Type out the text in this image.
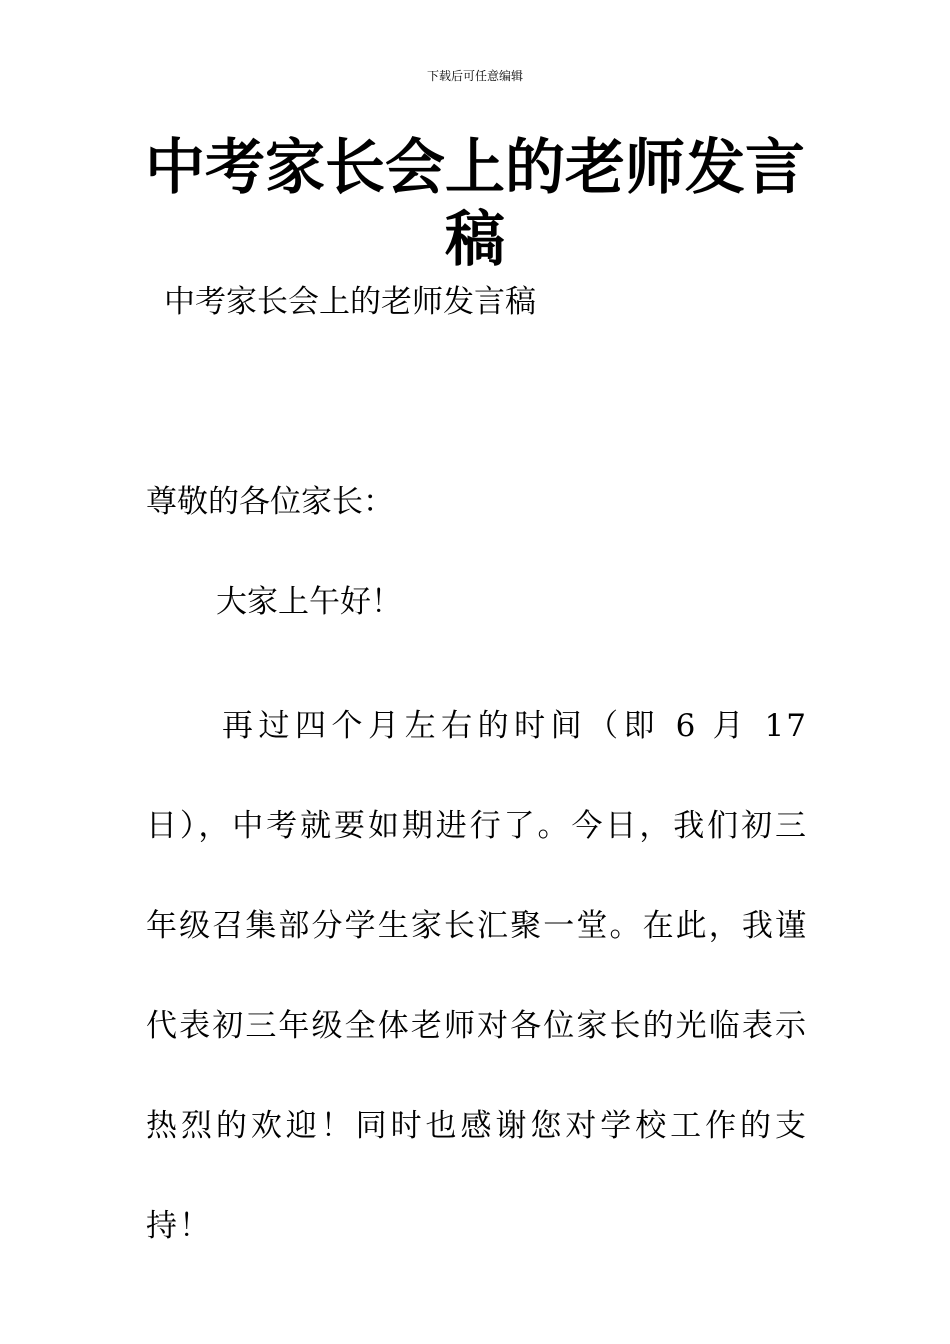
下载后可任意编辑
中考家长会上的老师发言稿
中考家长会上的老师发言稿
尊敬的各位家长：
大家上午好！

再过四个月左右的时间（即 6 月 17 日），中考就要如期进行了。今日，我们初三年级召集部分学生家长汇聚一堂。在此，我谨代表初三年级全体老师对各位家长的光临表示热烈的欢迎！同时也感谢您对学校工作的支持！
